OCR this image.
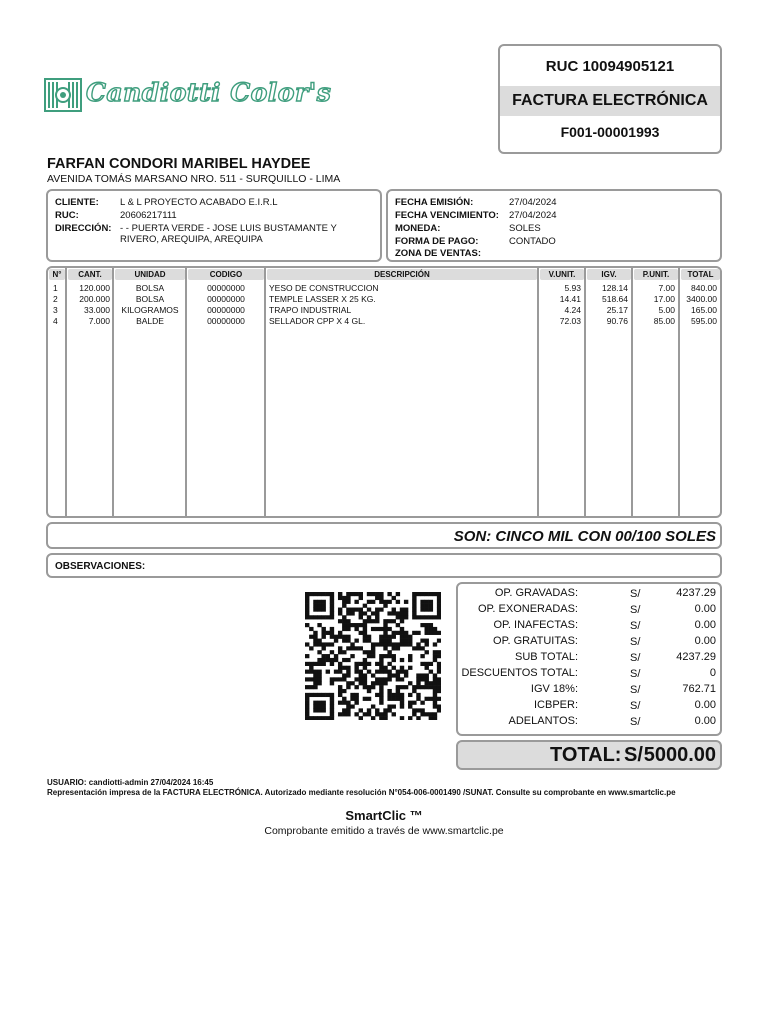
Candiotti Color's
RUC 10094905121
FACTURA ELECTRÓNICA
F001-00001993
FARFAN CONDORI MARIBEL HAYDEE
AVENIDA TOMÁS MARSANO NRO. 511 - SURQUILLO - LIMA
CLIENTE: L & L PROYECTO ACABADO E.I.R.L
RUC:	20606217111
DIRECCIÓN: - - PUERTA VERDE - JOSE LUIS BUSTAMANTE Y
RIVERO, AREQUIPA, AREQUIPA
FECHA EMISIÓN:	27/04/2024
FECHA VENCIMIENTO: 27/04/2024
MONEDA:	SOLES
FORMA DE PAGO:	CONTADO
ZONA DE VENTAS:
N°	CANT.	UNIDAD	CODIGO	DESCRIPCIÓN	V.UNIT.	IGV.	P.UNIT.	TOTAL
1	120.000	BOLSA	00000000	YESO DE CONSTRUCCION	5.93	128.14	7.00	840.00
2	200.000	BOLSA	00000000	TEMPLE LASSER X 25 KG.	14.41	518.64	17.00	3400.00
3	33.000	KILOGRAMOS	00000000	TRAPO INDUSTRIAL	4.24	25.17	5.00	165.00
4	7.000	BALDE	00000000	SELLADOR CPP X 4 GL.	72.03	90.76	85.00	595.00
SON: CINCO MIL CON 00/100 SOLES
OBSERVACIONES:
OP. GRAVADAS:	S/	4237.29
OP. EXONERADAS:	S/	0.00
OP. INAFECTAS:	S/	0.00
OP. GRATUITAS:	S/	0.00
SUB TOTAL:	S/	4237.29
DESCUENTOS TOTAL:	S/	0
IGV 18%:	S/	762.71
ICBPER:	S/	0.00
ADELANTOS:	S/	0.00
TOTAL: S/ 5000.00
USUARIO: candiotti-admin 27/04/2024 16:45
Representación impresa de la FACTURA ELECTRÓNICA. Autorizado mediante resolución N°054-006-0001490 /SUNAT. Consulte su comprobante en www.smartclic.pe
SmartClic ™
Comprobante emitido a través de www.smartclic.pe
